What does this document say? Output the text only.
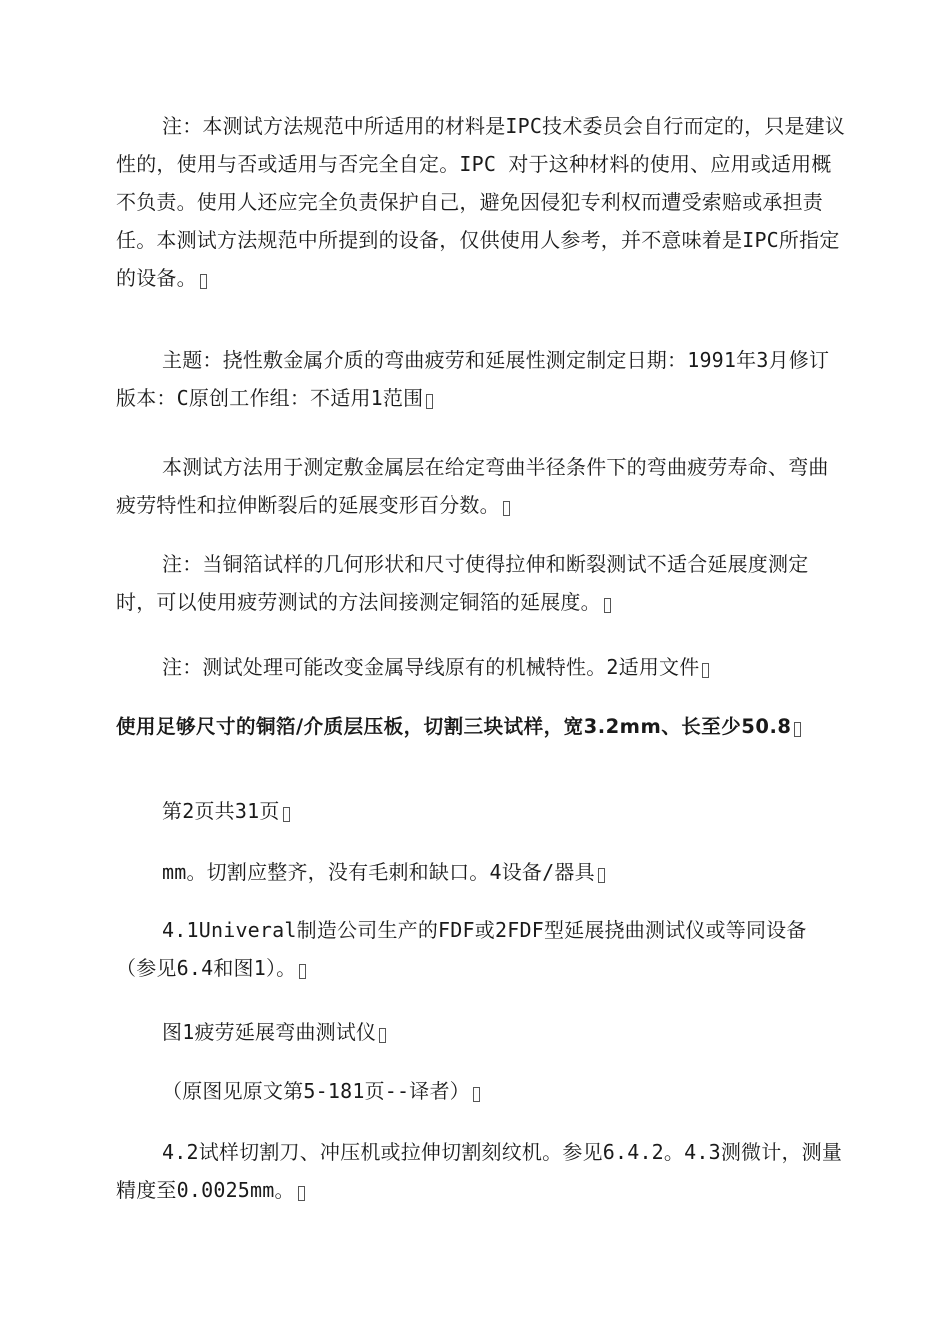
注：本测试方法规范中所适用的材料是IPC技术委员会自行而定的，只是建议性的，使用与否或适用与否完全自定。IPC 对于这种材料的使用、应用或适用概不负责。使用人还应完全负责保护自己，避免因侵犯专利权而遭受索赔或承担责任。本测试方法规范中所提到的设备，仅供使用人参考，并不意味着是IPC所指定的设备。

主题：挠性敷金属介质的弯曲疲劳和延展性测定制定日期：1991年3月修订版本：C原创工作组：不适用1范围

本测试方法用于测定敷金属层在给定弯曲半径条件下的弯曲疲劳寿命、弯曲疲劳特性和拉伸断裂后的延展变形百分数。

注：当铜箔试样的几何形状和尺寸使得拉伸和断裂测试不适合延展度测定时，可以使用疲劳测试的方法间接测定铜箔的延展度。

注：测试处理可能改变金属导线原有的机械特性。2适用文件

使用足够尺寸的铜箔/介质层压板，切割三块试样，宽3.2mm、长至少50.8

第2页共31页

mm。切割应整齐，没有毛刺和缺口。4设备/器具

4.1Univeral制造公司生产的FDF或2FDF型延展挠曲测试仪或等同设备（参见6.4和图1）。

图1疲劳延展弯曲测试仪

（原图见原文第5-181页--译者）

4.2试样切割刀、冲压机或拉伸切割刻纹机。参见6.4.2。4.3测微计，测量精度至0.0025mm。
